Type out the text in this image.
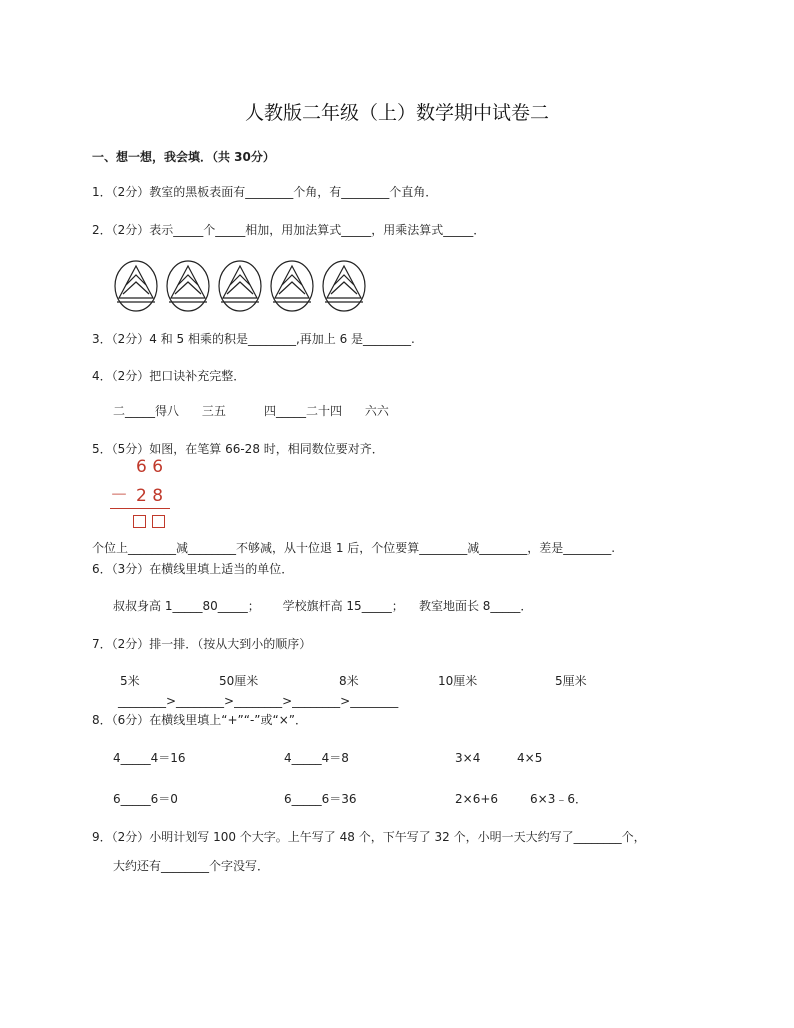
人教版二年级（上）数学期中试卷二
一、想一想，我会填．（共 30分）
1．（2分）教室的黑板表面有________个角，有________个直角．
2．（2分）表示_____个_____相加，用加法算式_____，用乘法算式_____．
3．（2分）4 和 5 相乘的积是________,再加上 6 是________.
4．（2分）把口诀补充完整．
二_____得八      三五          四_____二十四      六六
5．（5分）如图，在笔算 66-28 时，相同数位要对齐．
6 6
－ 2 8
个位上________减________不够减，从十位退 1 后，个位要算________减________，差是________.
6．（3分）在横线里填上适当的单位．
叔叔身高 1_____80_____；      学校旗杆高 15_____；    教室地面长 8_____．
7．（2分）排一排．（按从大到小的顺序）
5米	50厘米	8米	10厘米	5厘米
________>________>________>________>________
8．（6分）在横线里填上“+”“-”或“×”．
4_____4＝16	4_____4＝8	3×4	4×5
6_____6＝0	6_____6＝36	2×6+6	6×3﹣6．
9．（2分）小明计划写 100 个大字。上午写了 48 个，下午写了 32 个，小明一天大约写了________个，
大约还有________个字没写．
